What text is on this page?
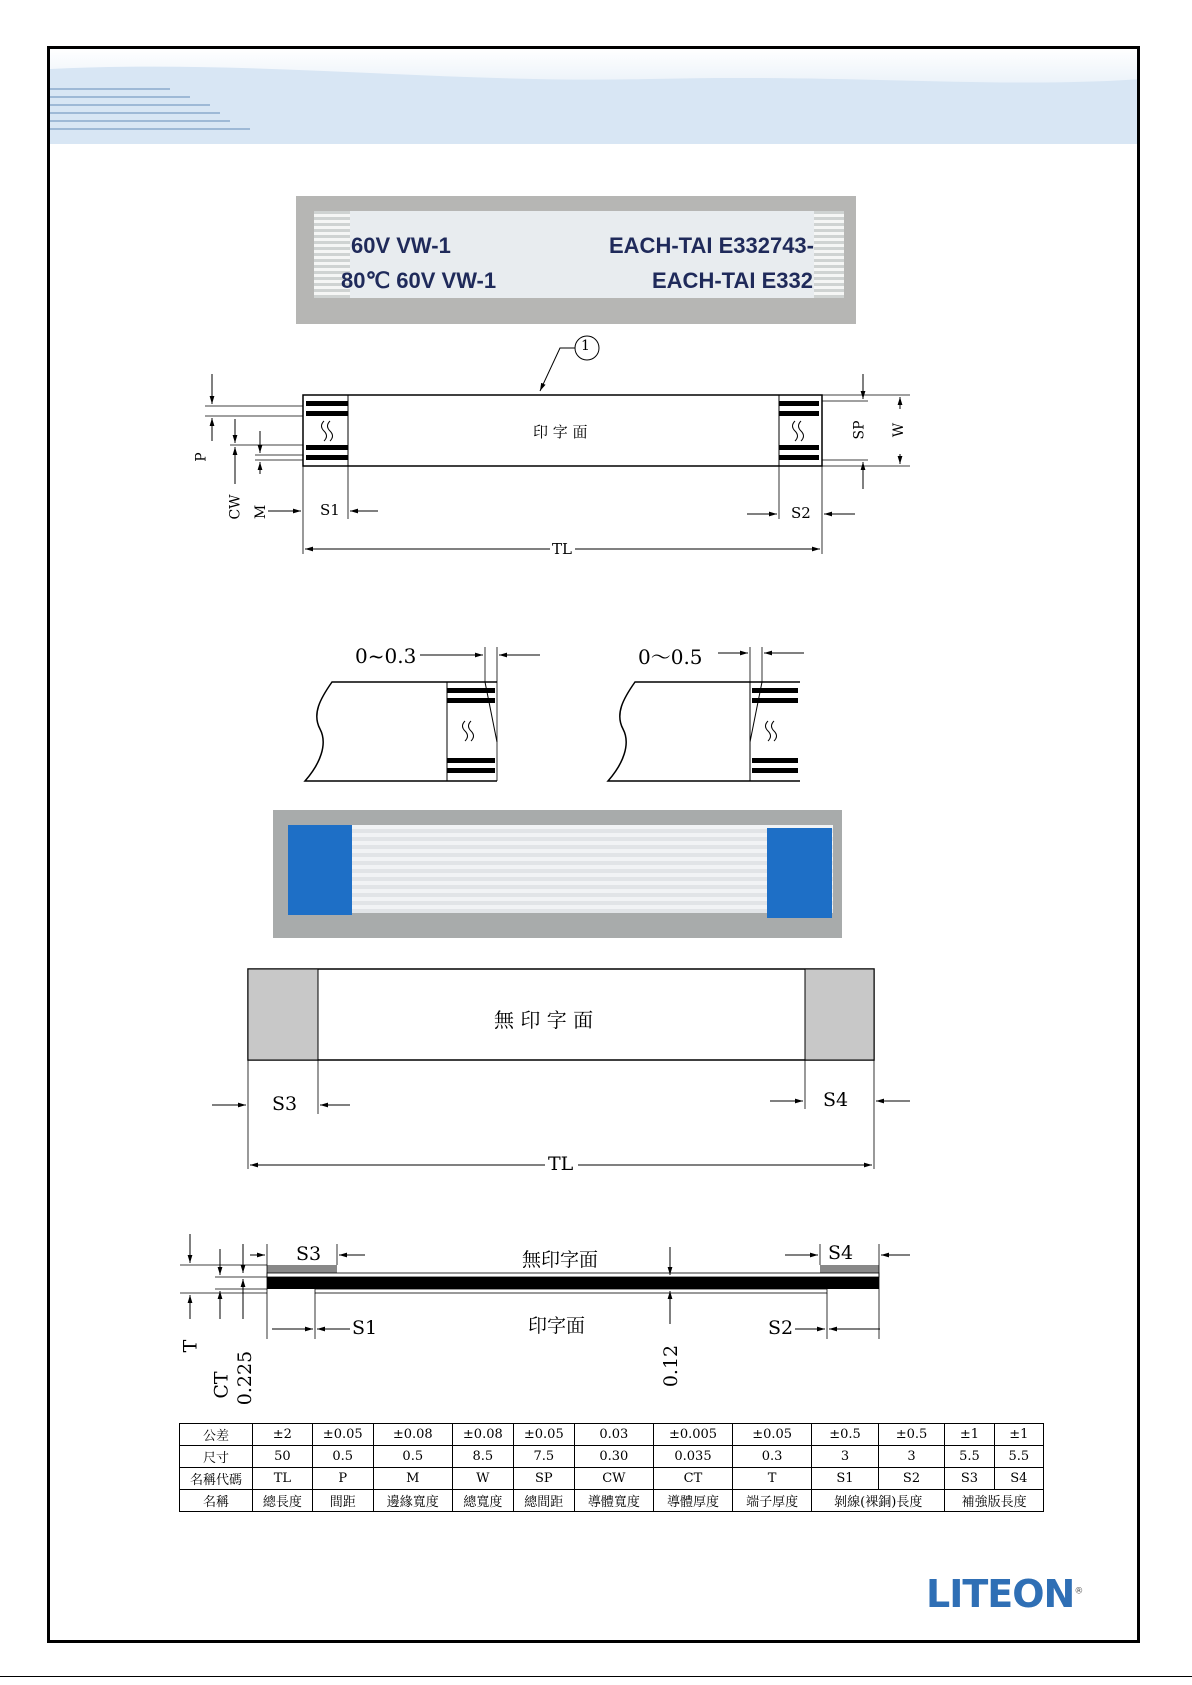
60V VW-1	EACH-TAI E332743-
80℃ 60V VW-1	EACH-TAI E332
1
印 字 面
P
CW M
SP W
S1	S2
TL
0~0.3	0～0.5
無 印 字 面
S3	S4
TL
無印字面
印字面
S3	S4
S1	S2
T
CT 0.225	0.12
LITEON®
公差	±2	±0.05	±0.08	±0.08	±0.05	0.03	±0.005	±0.05	±0.5	±0.5	±1	±1
尺寸	50	0.5	0.5	8.5	7.5	0.30	0.035	0.3	3	3	5.5	5.5
名稱代碼	TL	P	M	W	SP	CW	CT	T	S1	S2	S3	S4
名稱	總長度	間距	邊緣寬度	總寬度	總間距	導體寬度	導體厚度	端子厚度	剝線(裸銅)長度		補強版長度	
